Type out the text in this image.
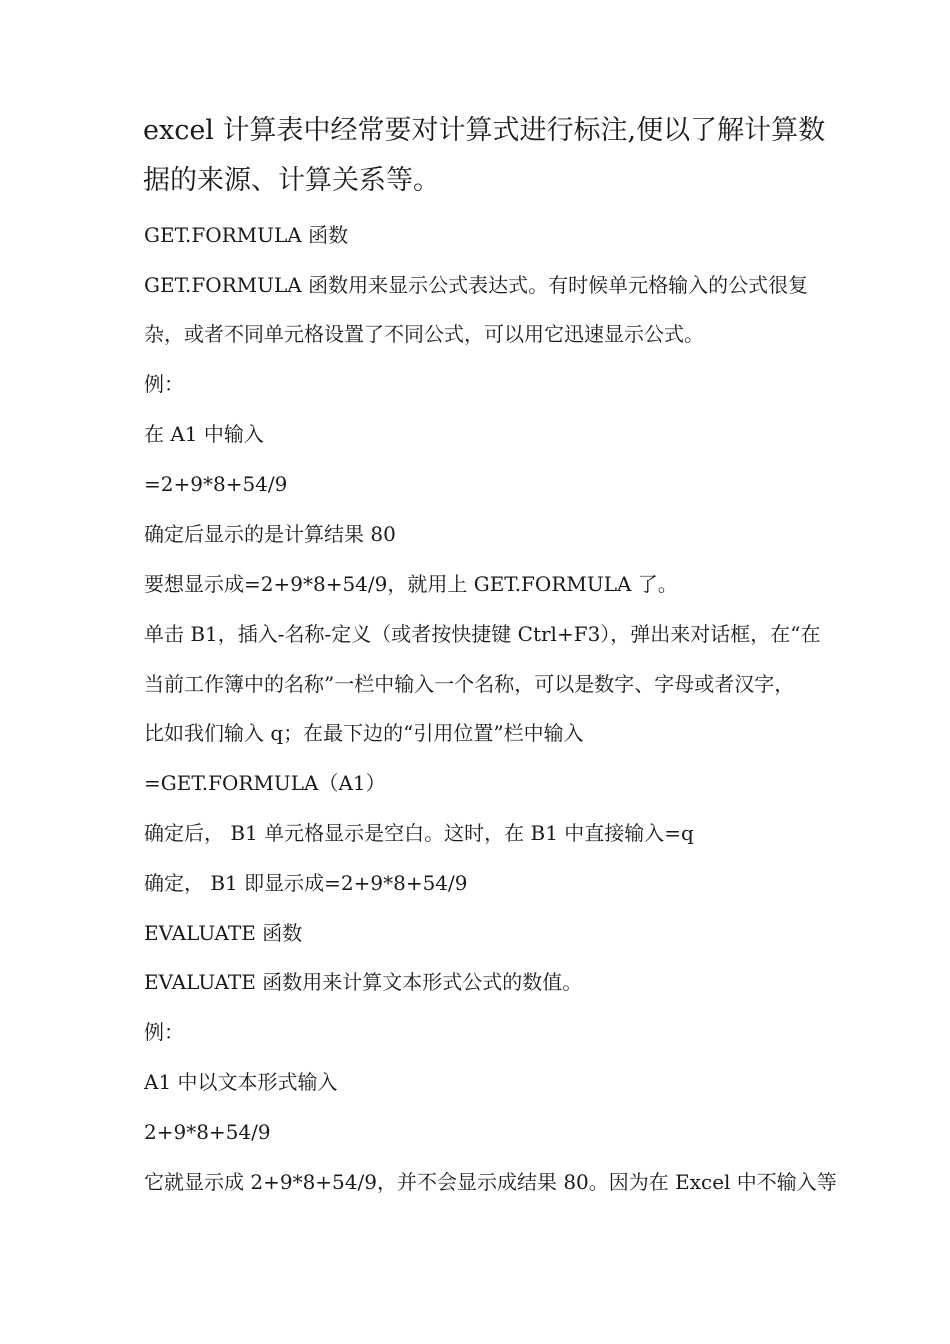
excel 计算表中经常要对计算式进行标注,便以了解计算数
据的来源、计算关系等。

GET.FORMULA 函数

GET.FORMULA 函数用来显示公式表达式。有时候单元格输入的公式很复

杂，或者不同单元格设置了不同公式，可以用它迅速显示公式。

例：

在 A1 中输入

=2+9*8+54/9

确定后显示的是计算结果 80

要想显示成=2+9*8+54/9，就用上 GET.FORMULA 了。

单击 B1，插入-名称-定义（或者按快捷键 Ctrl+F3），弹出来对话框，在“在

当前工作簿中的名称”一栏中输入一个名称，可以是数字、字母或者汉字，

比如我们输入 q；在最下边的“引用位置”栏中输入

=GET.FORMULA（A1）

确定后， B1 单元格显示是空白。这时，在 B1 中直接输入=q

确定， B1 即显示成=2+9*8+54/9

EVALUATE 函数

EVALUATE 函数用来计算文本形式公式的数值。

例：

A1 中以文本形式输入

2+9*8+54/9

它就显示成 2+9*8+54/9，并不会显示成结果 80。因为在 Excel 中不输入等
